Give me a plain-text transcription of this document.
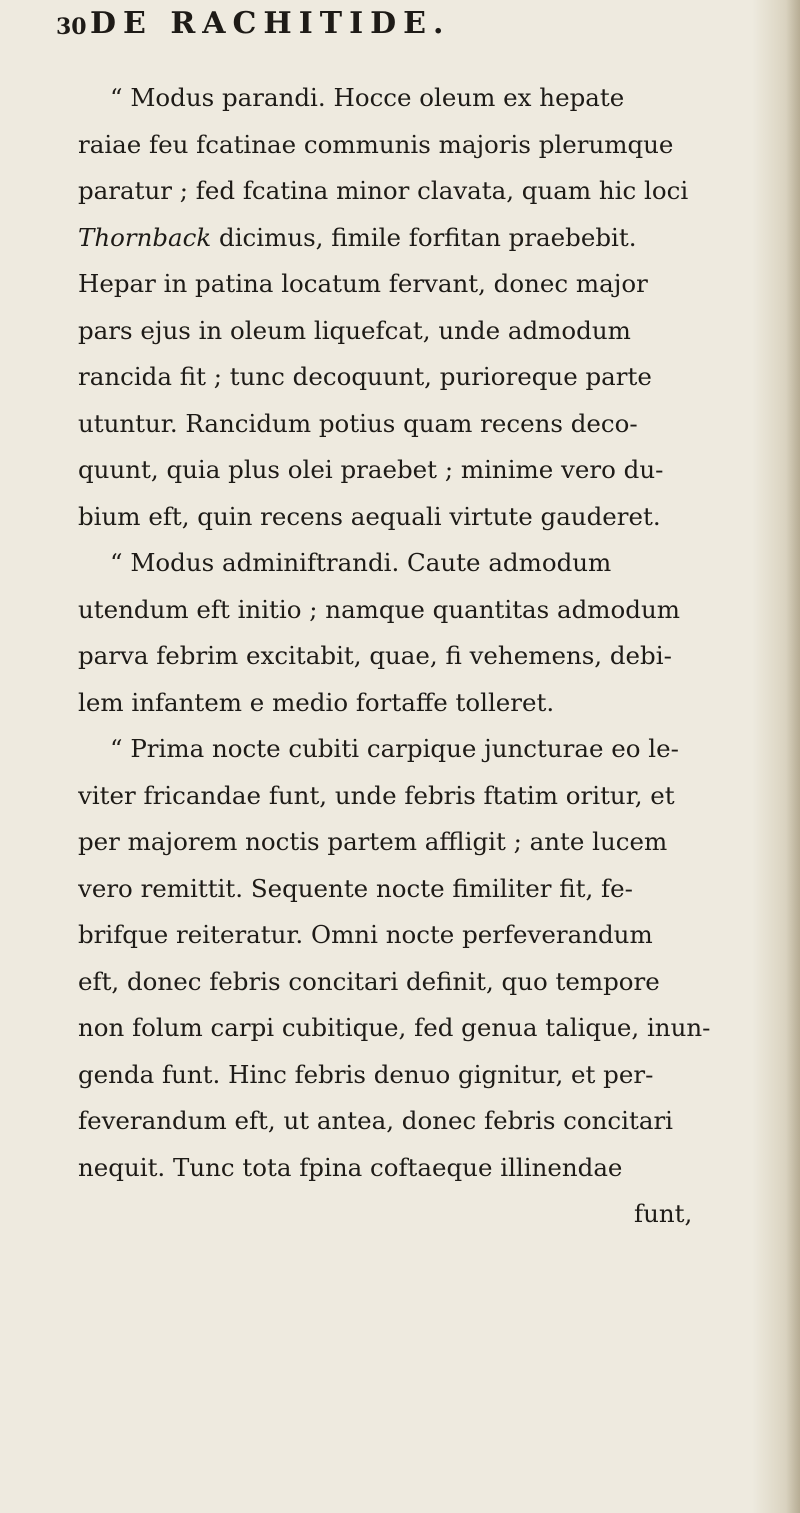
30 DE RACHITIDE.
“ Modus parandi. Hocce oleum ex hepate
raiae feu fcatinae communis majoris plerumque
paratur ; fed fcatina minor clavata, quam hic loci
Thornback dicimus, fimile forfitan praebebit.
Hepar in patina locatum fervant, donec major
pars ejus in oleum liquefcat, unde admodum
rancida fit ; tunc decoquunt, purioreque parte
utuntur. Rancidum potius quam recens deco-
quunt, quia plus olei praebet ; minime vero du-
bium eft, quin recens aequali virtute gauderet.
“ Modus adminiftrandi. Caute admodum
utendum eft initio ; namque quantitas admodum
parva febrim excitabit, quae, fi vehemens, debi-
lem infantem e medio fortaffe tolleret.
“ Prima nocte cubiti carpique juncturae eo le-
viter fricandae funt, unde febris ftatim oritur, et
per majorem noctis partem affligit ; ante lucem
vero remittit. Sequente nocte fimiliter fit, fe-
brifque reiteratur. Omni nocte perfeverandum
eft, donec febris concitari definit, quo tempore
non folum carpi cubitique, fed genua talique, inun-
genda funt. Hinc febris denuo gignitur, et per-
feverandum eft, ut antea, donec febris concitari
nequit. Tunc tota fpina coftaeque illinendae
funt,
